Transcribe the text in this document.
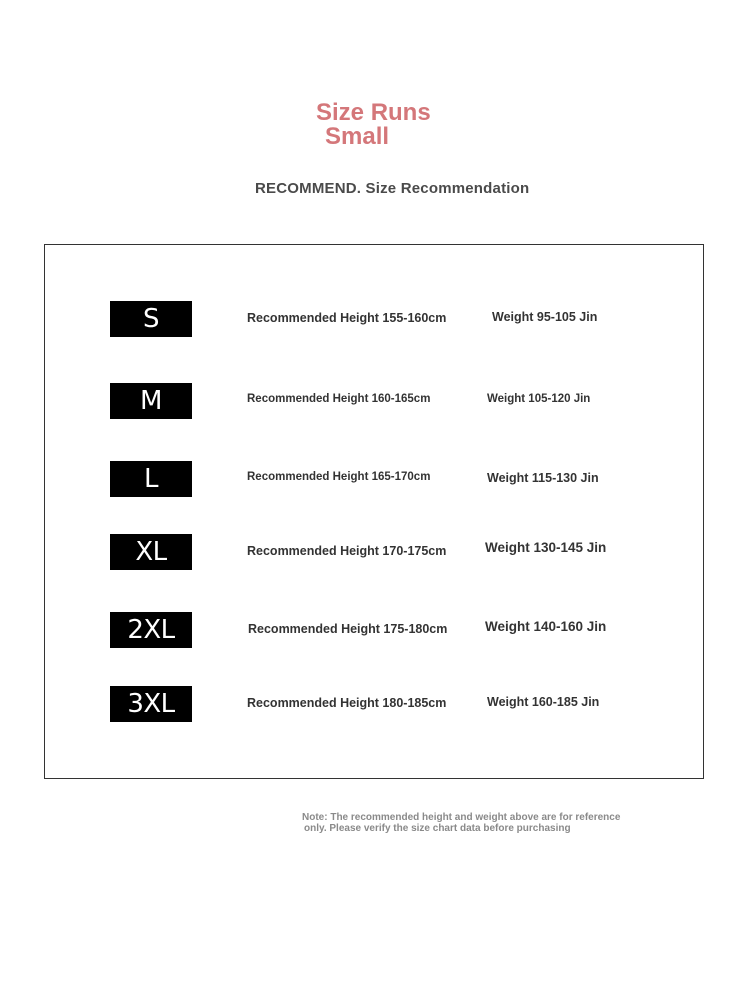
Size Runs
Small
RECOMMEND. Size Recommendation
S	Recommended Height 155-160cm	Weight 95-105 Jin
M	Recommended Height 160-165cm	Weight 105-120 Jin
L	Recommended Height 165-170cm	Weight 115-130 Jin
XL	Recommended Height 170-175cm	Weight 130-145 Jin
2XL	Recommended Height 175-180cm	Weight 140-160 Jin
3XL	Recommended Height 180-185cm	Weight 160-185 Jin

Note: The recommended height and weight above are for reference
only. Please verify the size chart data before purchasing
